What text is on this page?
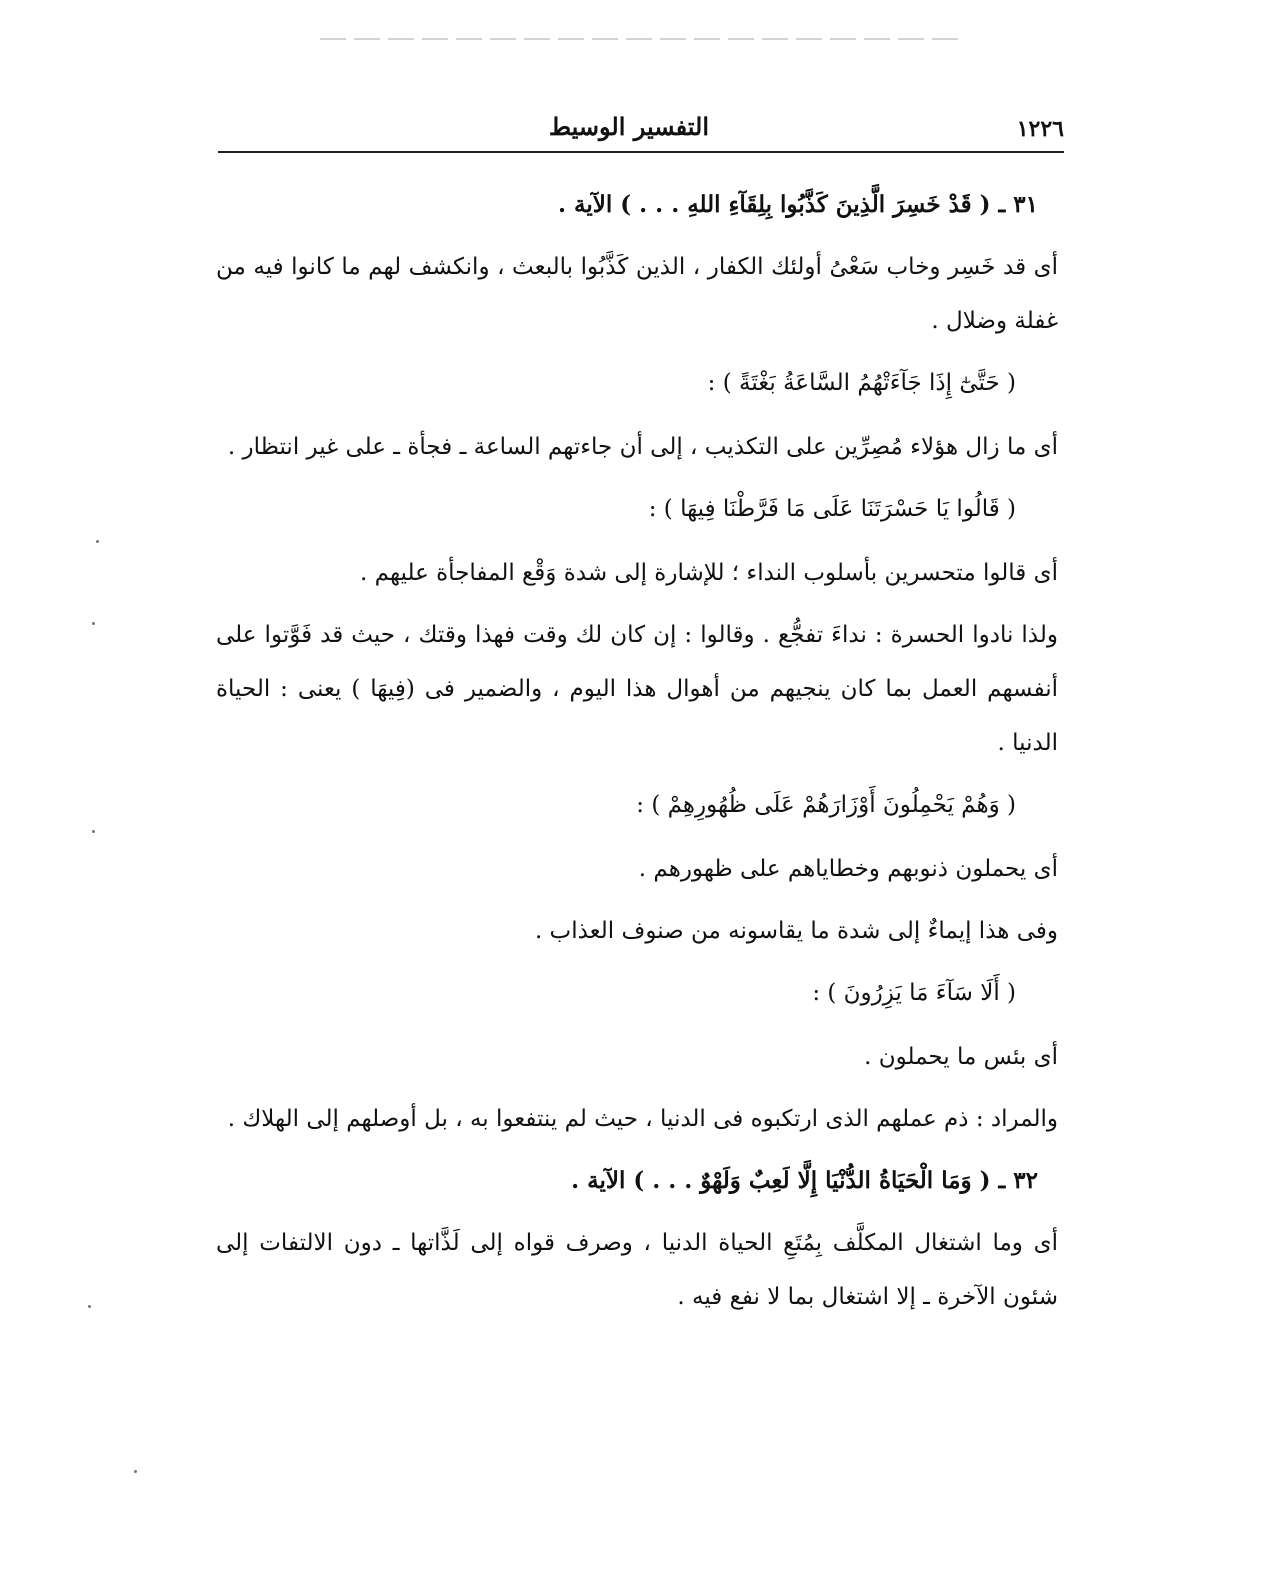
١٢٢٦
التفسير الوسيط

٣١ ـ ( قَدْ خَسِرَ الَّذِينَ كَذَّبُوا بِلِقَآءِ اللهِ . . . ) الآية .

أى قد خَسِر وخاب سَعْىُ أولئك الكفار ، الذين كَذَّبُوا بالبعث ، وانكشف لهم ما كانوا فيه من غفلة وضلال .

( حَتَّىٰٓ إِذَا جَآءَتْهُمُ السَّاعَةُ بَغْتَةً ) :

أى ما زال هؤلاء مُصِرِّين على التكذيب ، إلى أن جاءتهم الساعة ـ فجأة ـ على غير انتظار .

( قَالُوا يَا حَسْرَتَنَا عَلَى مَا فَرَّطْنَا فِيهَا ) :

أى قالوا متحسرين بأسلوب النداء ؛ للإشارة إلى شدة وَقْع المفاجأة عليهم .

ولذا نادوا الحسرة : نداءَ تفجُّع . وقالوا : إن كان لك وقت فهذا وقتك ، حيث قد فَوَّتوا على أنفسهم العمل بما كان ينجيهم من أهوال هذا اليوم ، والضمير فى (فِيهَا ) يعنى : الحياة الدنيا .

( وَهُمْ يَحْمِلُونَ أَوْزَارَهُمْ عَلَى ظُهُورِهِمْ ) :

أى يحملون ذنوبهم وخطاياهم على ظهورهم .

وفى هذا إيماءٌ إلى شدة ما يقاسونه من صنوف العذاب .

( أَلَا سَآءَ مَا يَزِرُونَ ) :

أى بئس ما يحملون .

والمراد : ذم عملهم الذى ارتكبوه فى الدنيا ، حيث لم ينتفعوا به ، بل أوصلهم إلى الهلاك .

٣٢ ـ ( وَمَا الْحَيَاةُ الدُّنْيَا إِلَّا لَعِبٌ وَلَهْوٌ . . . ) الآية .

أى وما اشتغال المكلَّف بِمُتَعِ الحياة الدنيا ، وصرف قواه إلى لَذَّاتها ـ دون الالتفات إلى شئون الآخرة ـ إلا اشتغال بما لا نفع فيه .
